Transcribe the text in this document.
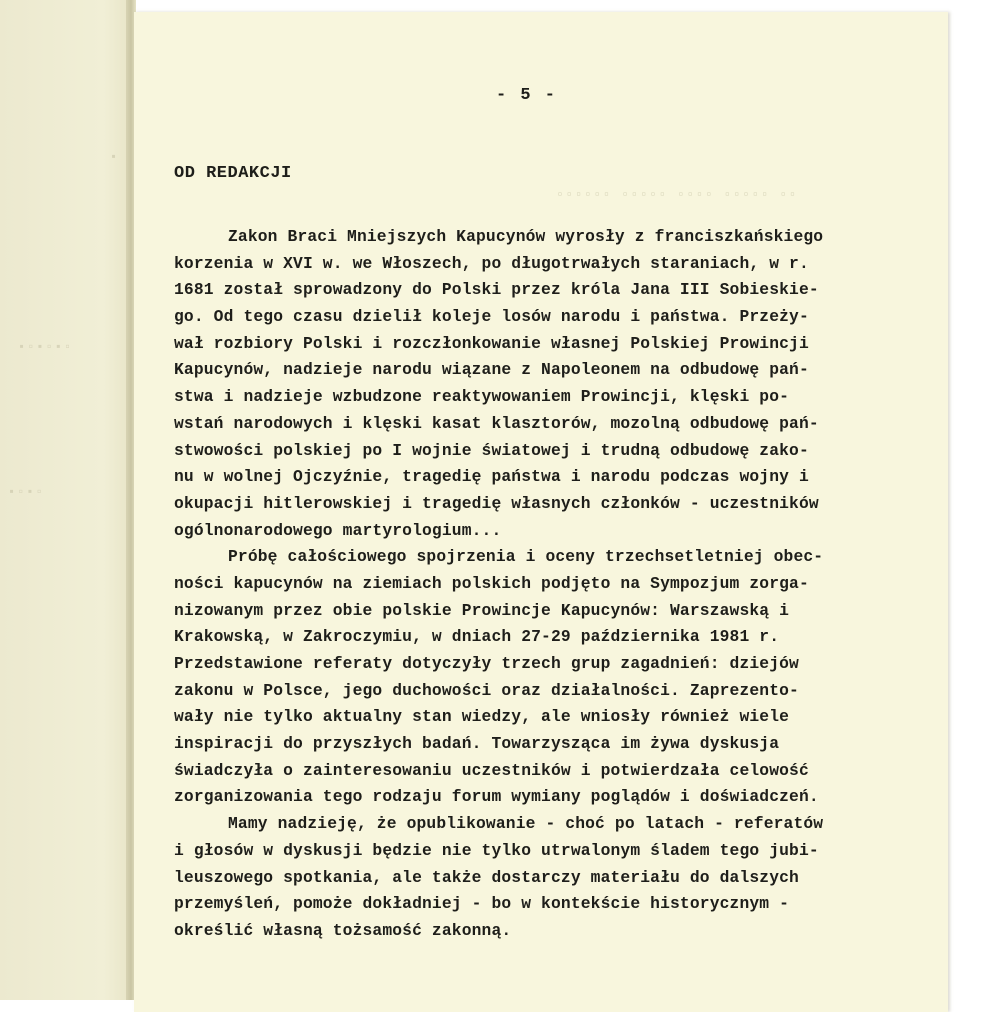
▪▫▪▫▪▫
▪▫▪▫
▪
- 5 -
OD REDAKCJI
▫▫▫▫▫▫ ▫▫▫▫▫ ▫▫▫▫ ▫▫▫▫▫ ▫▫
Zakon Braci Mniejszych Kapucynów wyrosły z franciszkańskiego
korzenia w XVI w. we Włoszech, po długotrwałych staraniach, w r.
1681 został sprowadzony do Polski przez króla Jana III Sobieskie-
go. Od tego czasu dzielił koleje losów narodu i państwa. Przeży-
wał rozbiory Polski i rozczłonkowanie własnej Polskiej Prowincji
Kapucynów, nadzieje narodu wiązane z Napoleonem na odbudowę pań-
stwa i nadzieje wzbudzone reaktywowaniem Prowincji, klęski po-
wstań narodowych i klęski kasat klasztorów, mozolną odbudowę pań-
stwowości polskiej po I wojnie światowej i trudną odbudowę zako-
nu w wolnej Ojczyźnie, tragedię państwa i narodu podczas wojny i
okupacji hitlerowskiej i tragedię własnych członków - uczestników
ogólnonarodowego martyrologium...
Próbę całościowego spojrzenia i oceny trzechsetletniej obec-
ności kapucynów na ziemiach polskich podjęto na Sympozjum zorga-
nizowanym przez obie polskie Prowincje Kapucynów: Warszawską i
Krakowską, w Zakroczymiu, w dniach 27-29 października 1981 r.
Przedstawione referaty dotyczyły trzech grup zagadnień: dziejów
zakonu w Polsce, jego duchowości oraz działalności. Zaprezento-
wały nie tylko aktualny stan wiedzy, ale wniosły również wiele
inspiracji do przyszłych badań. Towarzysząca im żywa dyskusja
świadczyła o zainteresowaniu uczestników i potwierdzała celowość
zorganizowania tego rodzaju forum wymiany poglądów i doświadczeń.
Mamy nadzieję, że opublikowanie - choć po latach - referatów
i głosów w dyskusji będzie nie tylko utrwalonym śladem tego jubi-
leuszowego spotkania, ale także dostarczy materiału do dalszych
przemyśleń, pomoże dokładniej - bo w kontekście historycznym -
określić własną tożsamość zakonną.
